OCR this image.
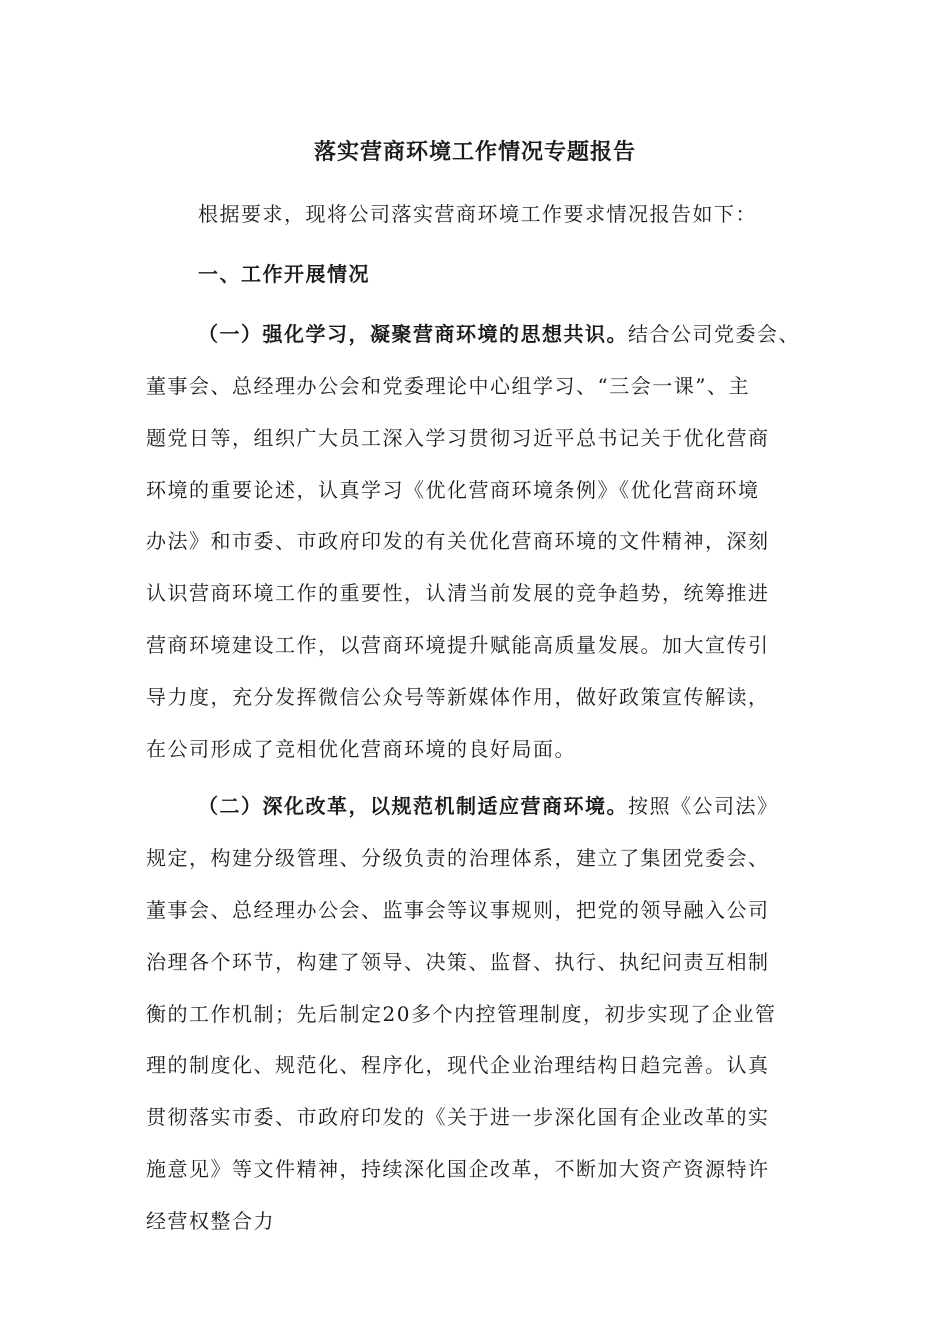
落实营商环境工作情况专题报告
根据要求，现将公司落实营商环境工作要求情况报告如下：
一、工作开展情况
（一）强化学习，凝聚营商环境的思想共识。结合公司党委会、
董事会、总经理办公会和党委理论中心组学习、“三会一课”、主
题党日等，组织广大员工深入学习贯彻习近平总书记关于优化营商
环境的重要论述，认真学习《优化营商环境条例》《优化营商环境
办法》和市委、市政府印发的有关优化营商环境的文件精神，深刻
认识营商环境工作的重要性，认清当前发展的竞争趋势，统筹推进
营商环境建设工作，以营商环境提升赋能高质量发展。加大宣传引
导力度，充分发挥微信公众号等新媒体作用，做好政策宣传解读，
在公司形成了竞相优化营商环境的良好局面。
（二）深化改革，以规范机制适应营商环境。按照《公司法》
规定，构建分级管理、分级负责的治理体系，建立了集团党委会、
董事会、总经理办公会、监事会等议事规则，把党的领导融入公司
治理各个环节，构建了领导、决策、监督、执行、执纪问责互相制
衡的工作机制；先后制定20多个内控管理制度，初步实现了企业管
理的制度化、规范化、程序化，现代企业治理结构日趋完善。认真
贯彻落实市委、市政府印发的《关于进一步深化国有企业改革的实
施意见》等文件精神，持续深化国企改革，不断加大资产资源特许
经营权整合力
